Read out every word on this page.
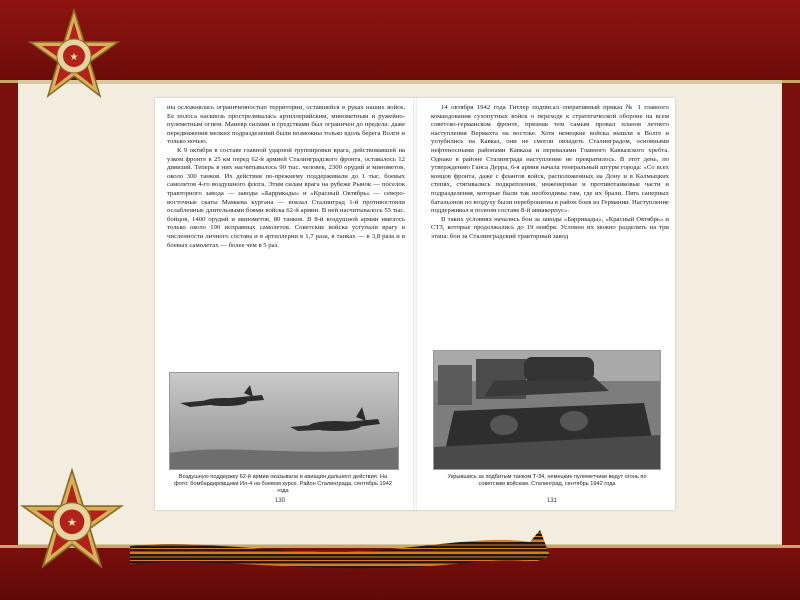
★
★

ны осложнялась ограниченностью территории, оставшейся в руках наших войск. Ее полоса насквозь простреливалась артиллерийским, минометным и ружейно-пулеметным огнем. Маневр силами и средствами был ограничен до предела: даже передвижения мелких подразделений были возможны только вдоль берега Волги и только ночью.

К 9 октября в составе главной ударной группировки врага, действовавшей на узком фронте в 25 км перед 62-й армией Сталинградского фронта, оставалось 12 дивизий. Теперь в них насчитывалось 90 тыс. человек, 2300 орудий и минометов, около 300 танков. Их действия по-прежнему поддерживали до 1 тыс. боевых самолетов 4-го воздушного флота. Этим силам врага на рубеже Рынок — поселок тракторного завода — заводы «Баррикады» и «Красный Октябрь» — северо-восточные скаты Мамаева кургана — вокзал Сталинград 1-й противостояли ослабленные длительными боями войска 62-й армии. В ней насчитывалось 55 тыс. бойцов, 1400 орудий и минометов, 80 танков. В 8-й воздушной армии имелось только около 190 исправных самолетов. Советские войска уступали врагу в численности личного состава и в артиллерии в 1,7 раза, в танках — в 3,8 раза и в боевых самолетах — более чем в 5 раз.

Воздушную поддержку 62-й армии оказывала и авиация дальнего действия. На фото: бомбардировщики Ил-4 на боевом курсе. Район Сталинграда, сентябрь 1942 года
130

14 октября 1942 года Гитлер подписал оперативный приказ № 1 главного командования сухопутных войск о переходе к стратегической обороне на всем советско-германском фронте, признав тем самым провал планов летнего наступления Вермахта на востоке. Хотя немецкие войска вышли к Волге и углубились на Кавказ, они не смогли овладеть Сталинградом, основными нефтеносными районами Кавказа и перевалами Главного Кавказского хребта. Однако в районе Сталинграда наступление не прекратилось. В этот день, по утверждению Ганса Дерра, 6-я армия начала генеральный штурм города: «Со всех концов фронта, даже с флангов войск, расположенных на Дону и в Калмыцких степях, стягивались подкрепления, инженерные и противотанковые части и подразделения, которые были так необходимы там, где их брали. Пять саперных батальонов по воздуху были переброшены в район боев из Германии. Наступление поддерживал в полном составе 8-й авиакорпус».

В таких условиях начались бои за заводы «Баррикады», «Красный Октябрь» и СТЗ, которые продолжались до 19 ноября. Условно их можно разделить на три этапа: бои за Сталинградский тракторный завод

Укрывшись за подбитым танком Т-34, немецкие пулеметчики ведут огонь по советским войскам. Сталинград, сентябрь 1942 года
131
